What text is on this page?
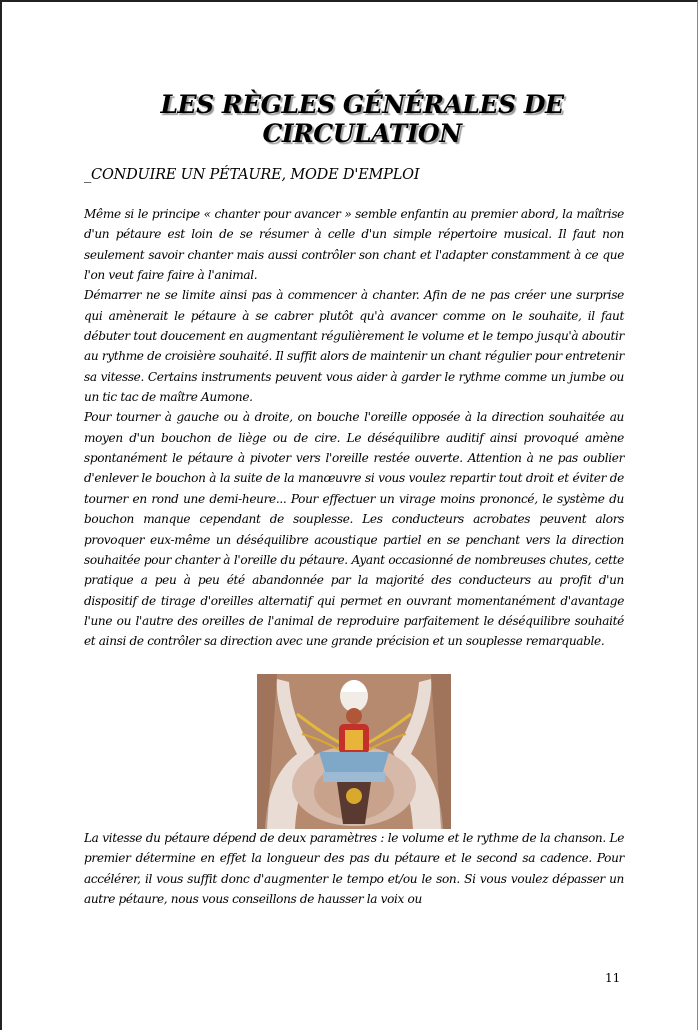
LES RÈGLES GÉNÉRALES DE CIRCULATION
_CONDUIRE UN PÉTAURE, MODE D'EMPLOI

Même si le principe « chanter pour avancer » semble enfantin au premier abord, la maîtrise d'un pétaure est loin de se résumer à celle d'un simple répertoire musical. Il faut non seulement savoir chanter mais aussi contrôler son chant et l'adapter constamment à ce que l'on veut faire faire à l'animal.

Démarrer ne se limite ainsi pas à commencer à chanter. Afin de ne pas créer une surprise qui amènerait le pétaure à se cabrer plutôt qu'à avancer comme on le souhaite, il faut débuter tout doucement en augmentant régulièrement le volume et le tempo jusqu'à aboutir au rythme de croisière souhaité. Il suffit alors de maintenir un chant régulier pour entretenir sa vitesse. Certains instruments peuvent vous aider à garder le rythme comme un jumbe ou un tic tac de maître Aumone.

Pour tourner à gauche ou à droite, on bouche l'oreille opposée à la direction souhaitée au moyen d'un bouchon de liège ou de cire. Le déséquilibre auditif ainsi provoqué amène spontanément le pétaure à pivoter vers l'oreille restée ouverte. Attention à ne pas oublier d'enlever le bouchon à la suite de la manœuvre si vous voulez repartir tout droit et éviter de tourner en rond une demi-heure... Pour effectuer un virage moins prononcé, le système du bouchon manque cependant de souplesse. Les conducteurs acrobates peuvent alors provoquer eux-même un déséquilibre acoustique partiel en se penchant vers la direction souhaitée pour chanter à l'oreille du pétaure. Ayant occasionné de nombreuses chutes, cette pratique a peu à peu été abandonnée par la majorité des conducteurs au profit d'un dispositif de tirage d'oreilles alternatif qui permet en ouvrant momentanément d'avantage l'une ou l'autre des oreilles de l'animal de reproduire parfaitement le déséquilibre souhaité et ainsi de contrôler sa direction avec une grande précision et un souplesse remarquable.

La vitesse du pétaure dépend de deux paramètres : le volume et le rythme de la chanson. Le premier détermine en effet la longueur des pas du pétaure et le second sa cadence. Pour accélérer, il vous suffit donc d'augmenter le tempo et/ou le son. Si vous voulez dépasser un autre pétaure, nous vous conseillons de hausser la voix ou

11
